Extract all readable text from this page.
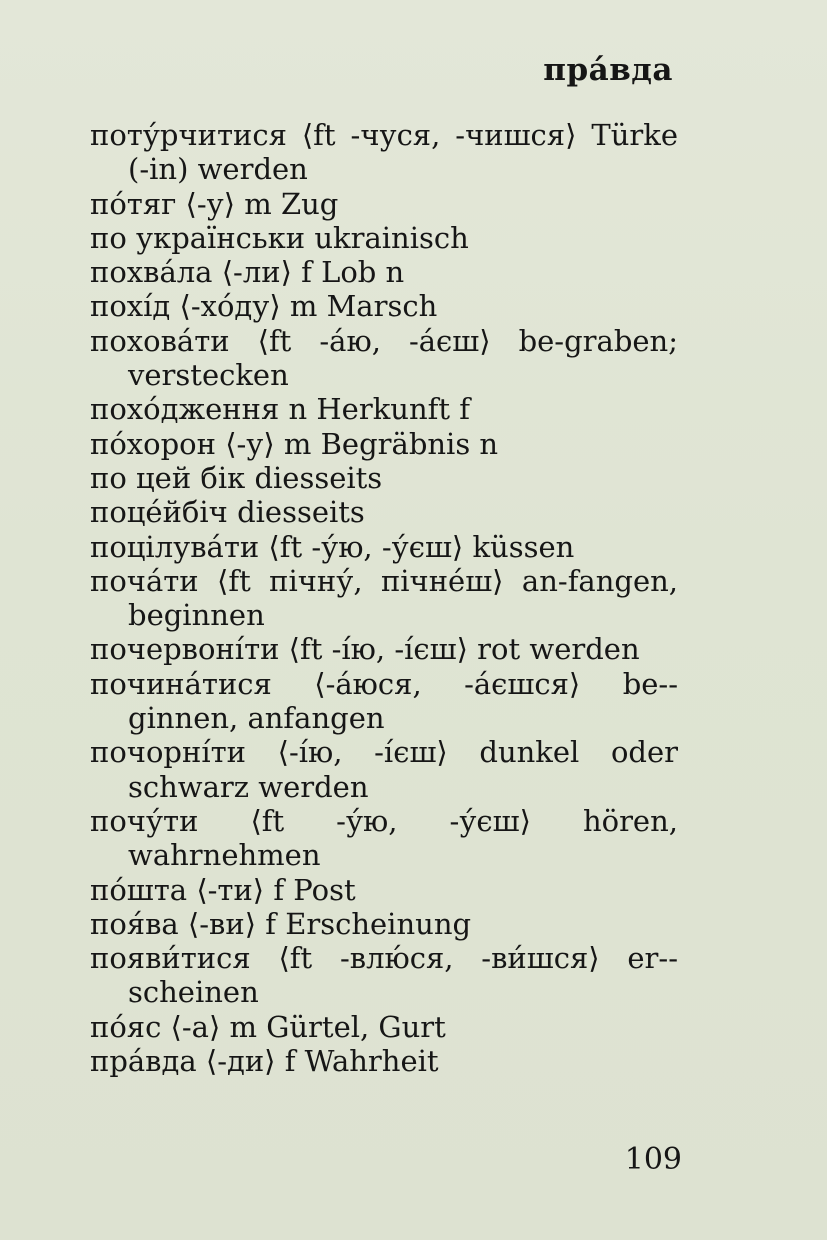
пра́вда
поту́рчитися ⟨ft -чуся, -чишся⟩ Türke (-in) werden
по́тяг ⟨-у⟩ m Zug
по українськи ukrainisch
похва́ла ⟨-ли⟩ f Lob n
похі́д ⟨-хо́ду⟩ m Marsch
похова́ти ⟨ft -а́ю, -а́єш⟩ be-graben; verstecken
похо́дження n Herkunft f
по́хорон ⟨-у⟩ m Begräbnis n
по цей бік diesseits
поце́йбіч diesseits
поцілува́ти ⟨ft -у́ю, -у́єш⟩ küssen
поча́ти ⟨ft пічну́, пічне́ш⟩ an-fangen, beginnen
почервоні́ти ⟨ft -і́ю, -і́єш⟩ rot werden
почина́тися ⟨-а́юся, -а́єшся⟩ be-ginnen, anfangen
почорні́ти ⟨-і́ю, -і́єш⟩ dunkel oder schwarz werden
почу́ти ⟨ft -у́ю, -у́єш⟩ hören, wahrnehmen
по́шта ⟨-ти⟩ f Post
поя́ва ⟨-ви⟩ f Erscheinung
появи́тися ⟨ft -влю́ся, -ви́шся⟩ er-scheinen
по́яс ⟨-а⟩ m Gürtel, Gurt
пра́вда ⟨-ди⟩ f Wahrheit
109
